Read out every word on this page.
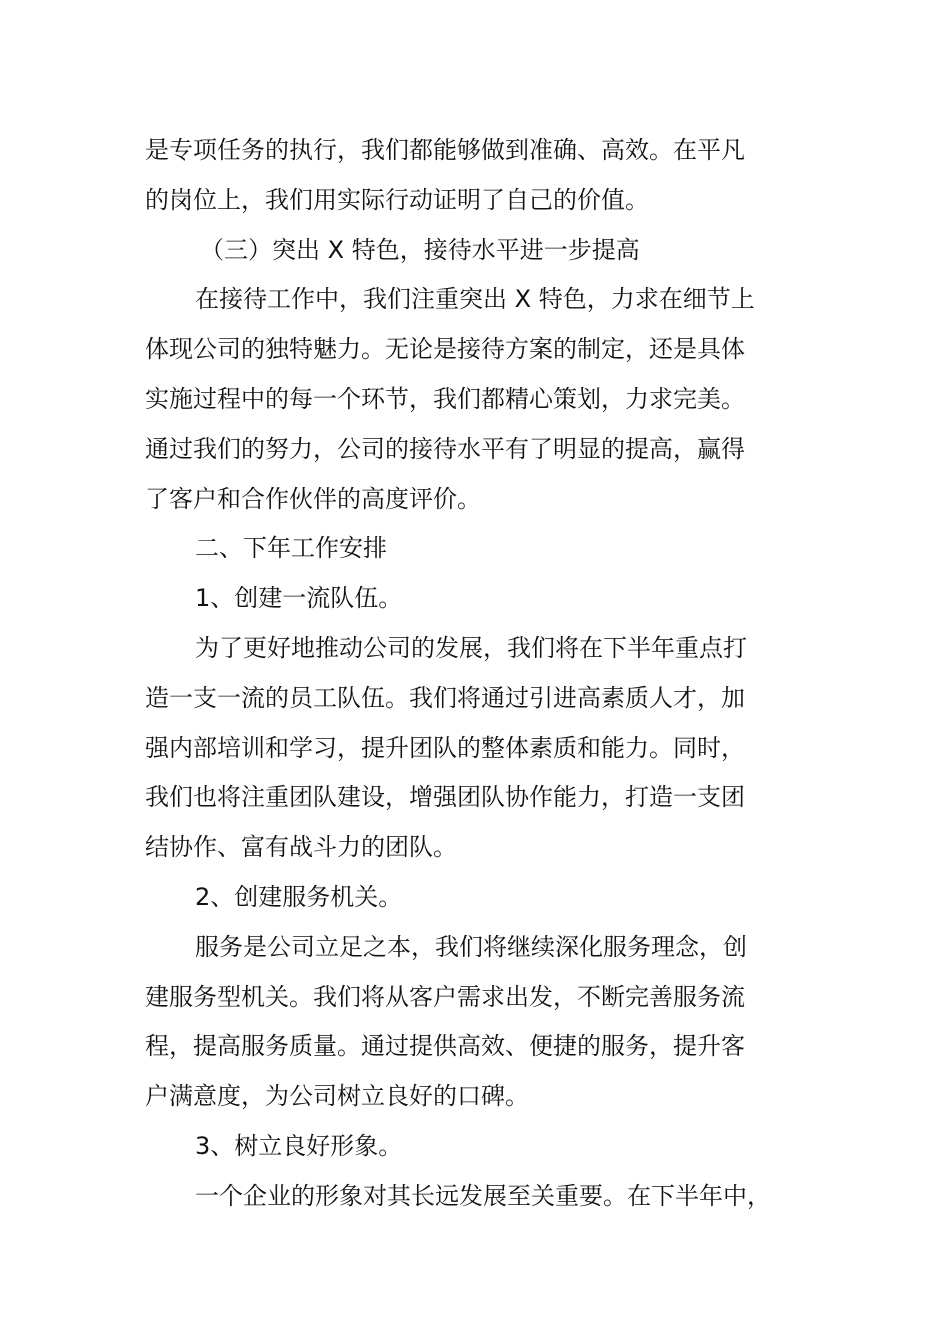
是专项任务的执行，我们都能够做到准确、高效。在平凡
的岗位上，我们用实际行动证明了自己的价值。
（三）突出 X 特色，接待水平进一步提高
在接待工作中，我们注重突出 X 特色，力求在细节上
体现公司的独特魅力。无论是接待方案的制定，还是具体
实施过程中的每一个环节，我们都精心策划，力求完美。
通过我们的努力，公司的接待水平有了明显的提高，赢得
了客户和合作伙伴的高度评价。
二、下年工作安排
1、创建一流队伍。
为了更好地推动公司的发展，我们将在下半年重点打
造一支一流的员工队伍。我们将通过引进高素质人才，加
强内部培训和学习，提升团队的整体素质和能力。同时，
我们也将注重团队建设，增强团队协作能力，打造一支团
结协作、富有战斗力的团队。
2、创建服务机关。
服务是公司立足之本，我们将继续深化服务理念，创
建服务型机关。我们将从客户需求出发，不断完善服务流
程，提高服务质量。通过提供高效、便捷的服务，提升客
户满意度，为公司树立良好的口碑。
3、树立良好形象。
一个企业的形象对其长远发展至关重要。在下半年中，
